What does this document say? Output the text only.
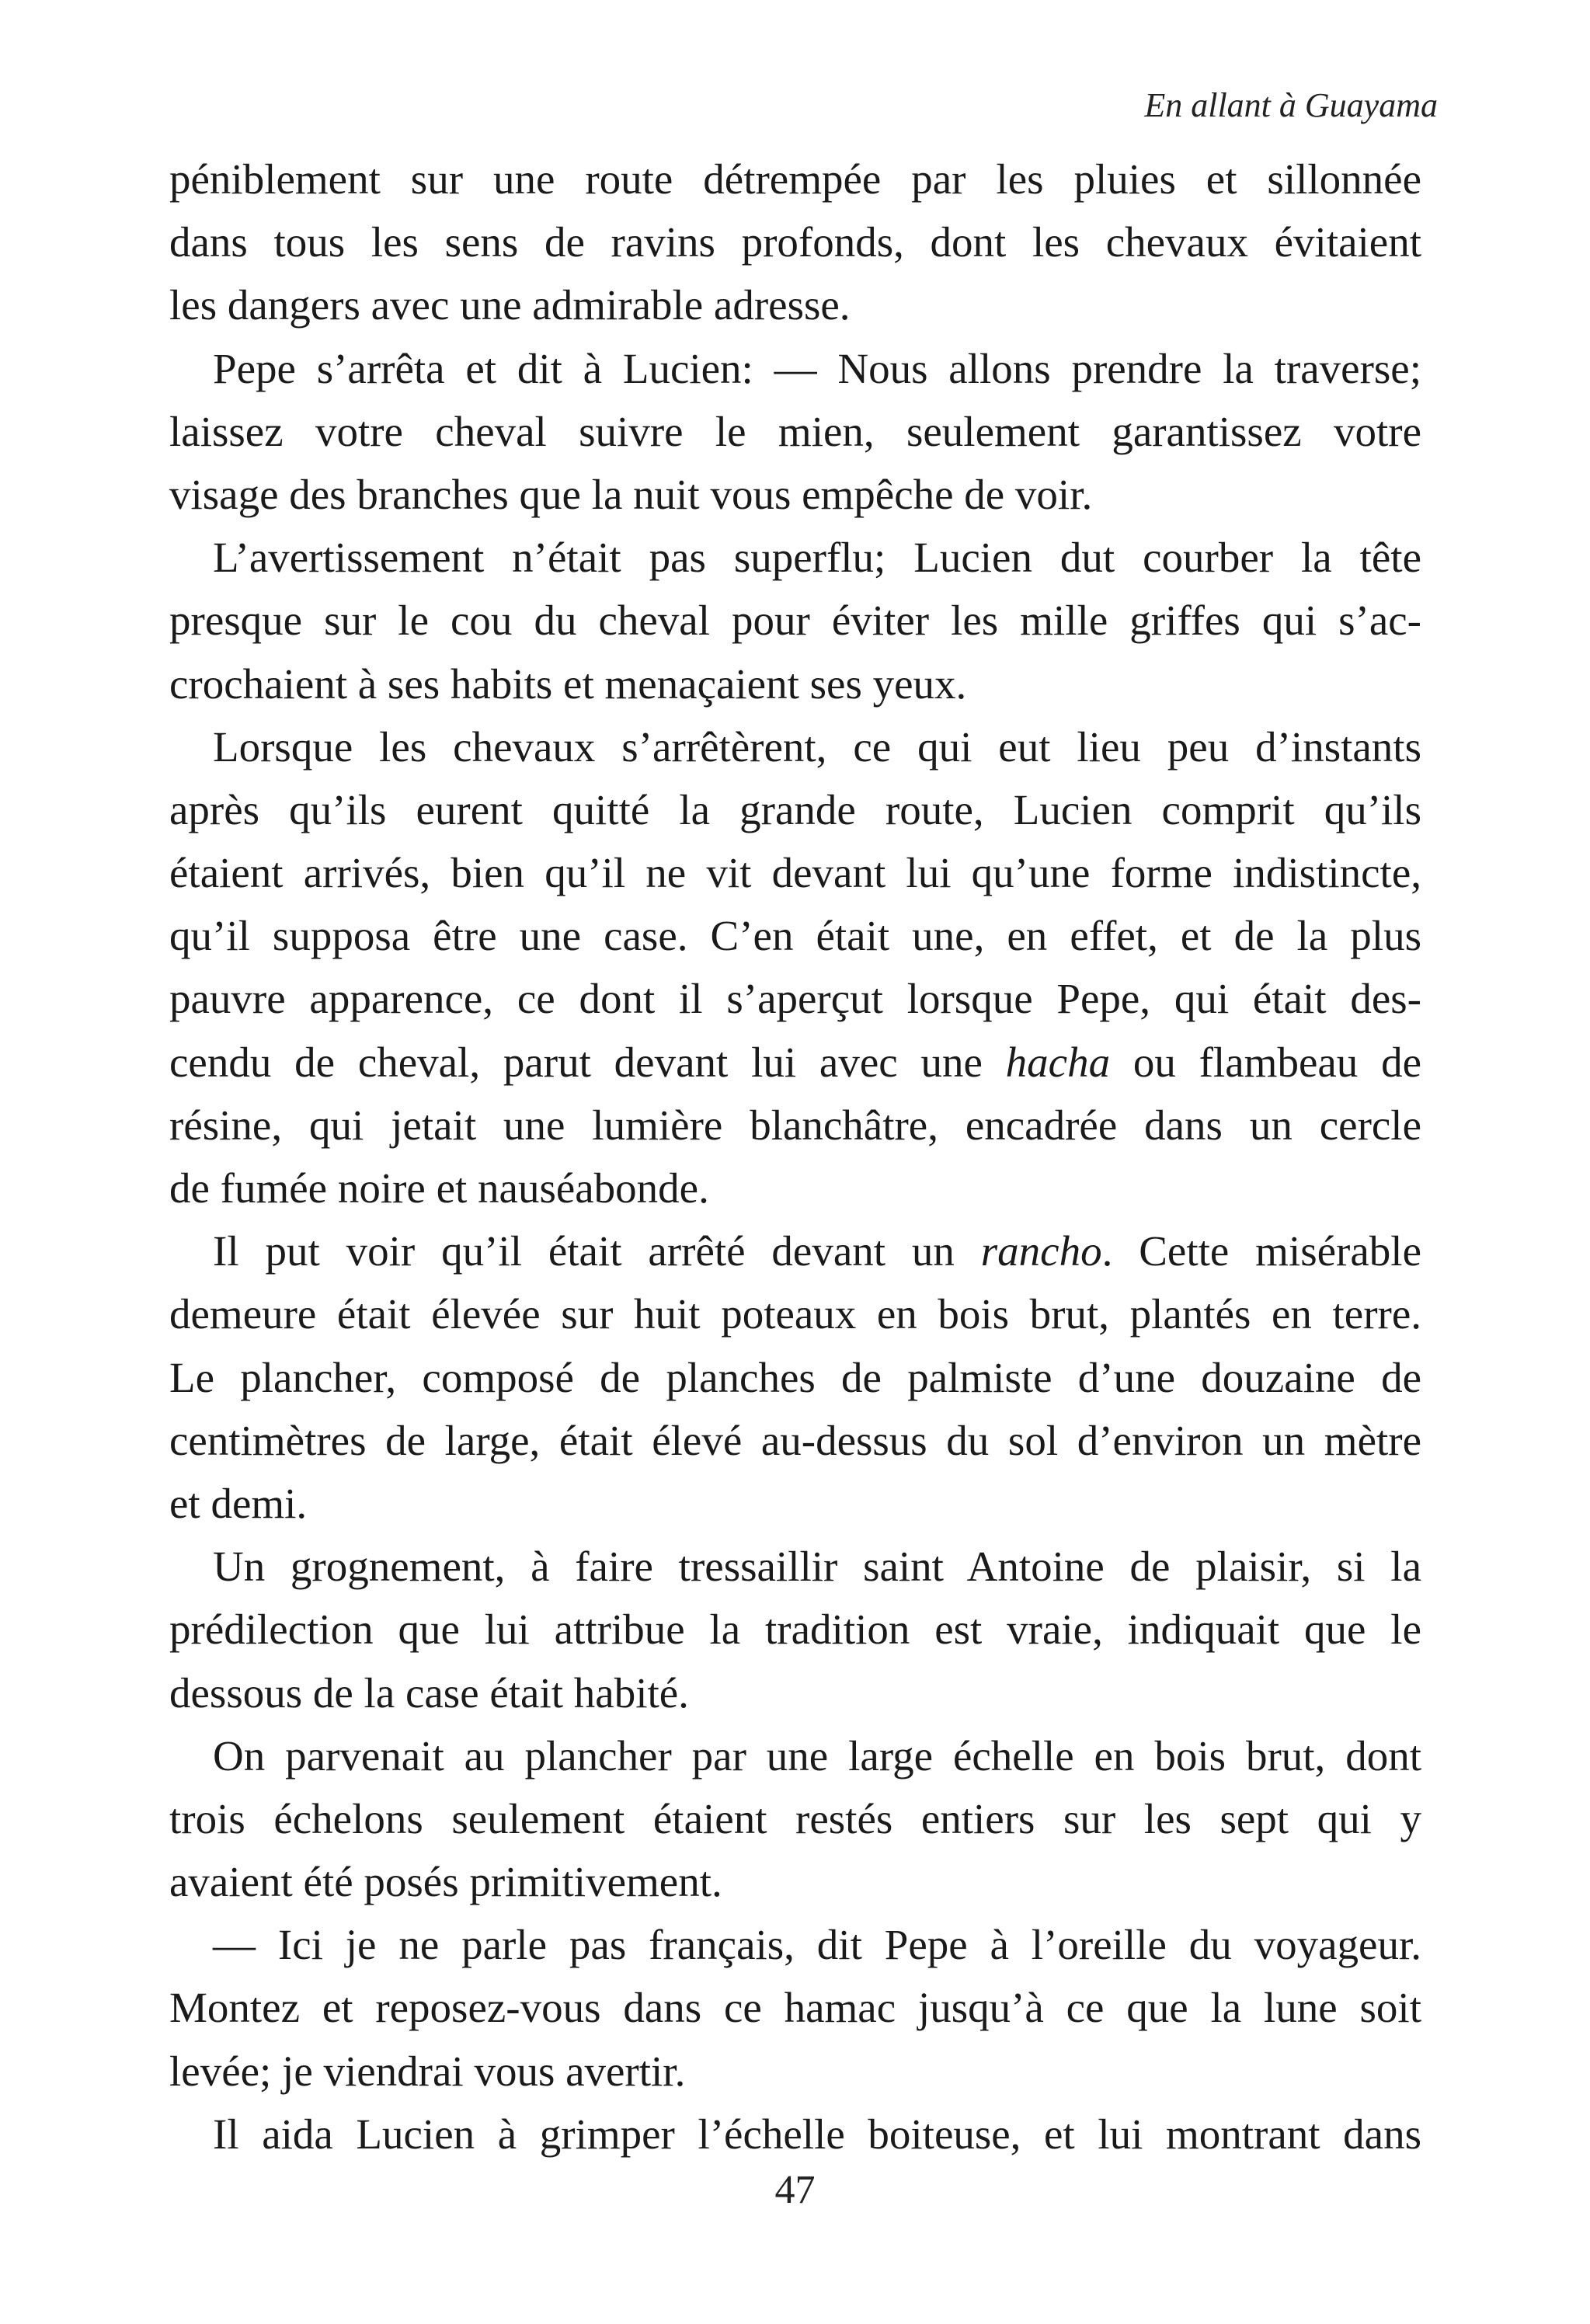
En allant à Guayama
péniblement sur une route détrempée par les pluies et sillonnée
dans tous les sens de ravins profonds, dont les chevaux évitaient
les dangers avec une admirable adresse.
Pepe s’arrêta et dit à Lucien: — Nous allons prendre la traverse;
laissez votre cheval suivre le mien, seulement garantissez votre
visage des branches que la nuit vous empêche de voir.
L’avertissement n’était pas superflu; Lucien dut courber la tête
presque sur le cou du cheval pour éviter les mille griffes qui s’ac-
crochaient à ses habits et menaçaient ses yeux.
Lorsque les chevaux s’arrêtèrent, ce qui eut lieu peu d’instants
après qu’ils eurent quitté la grande route, Lucien comprit qu’ils
étaient arrivés, bien qu’il ne vit devant lui qu’une forme indistincte,
qu’il supposa être une case. C’en était une, en effet, et de la plus
pauvre apparence, ce dont il s’aperçut lorsque Pepe, qui était des-
cendu de cheval, parut devant lui avec une hacha ou flambeau de
résine, qui jetait une lumière blanchâtre, encadrée dans un cercle
de fumée noire et nauséabonde.
Il put voir qu’il était arrêté devant un rancho. Cette misérable
demeure était élevée sur huit poteaux en bois brut, plantés en terre.
Le plancher, composé de planches de palmiste d’une douzaine de
centimètres de large, était élevé au-dessus du sol d’environ un mètre
et demi.
Un grognement, à faire tressaillir saint Antoine de plaisir, si la
prédilection que lui attribue la tradition est vraie, indiquait que le
dessous de la case était habité.
On parvenait au plancher par une large échelle en bois brut, dont
trois échelons seulement étaient restés entiers sur les sept qui y
avaient été posés primitivement.
— Ici je ne parle pas français, dit Pepe à l’oreille du voyageur.
Montez et reposez-vous dans ce hamac jusqu’à ce que la lune soit
levée; je viendrai vous avertir.
Il aida Lucien à grimper l’échelle boiteuse, et lui montrant dans
47
